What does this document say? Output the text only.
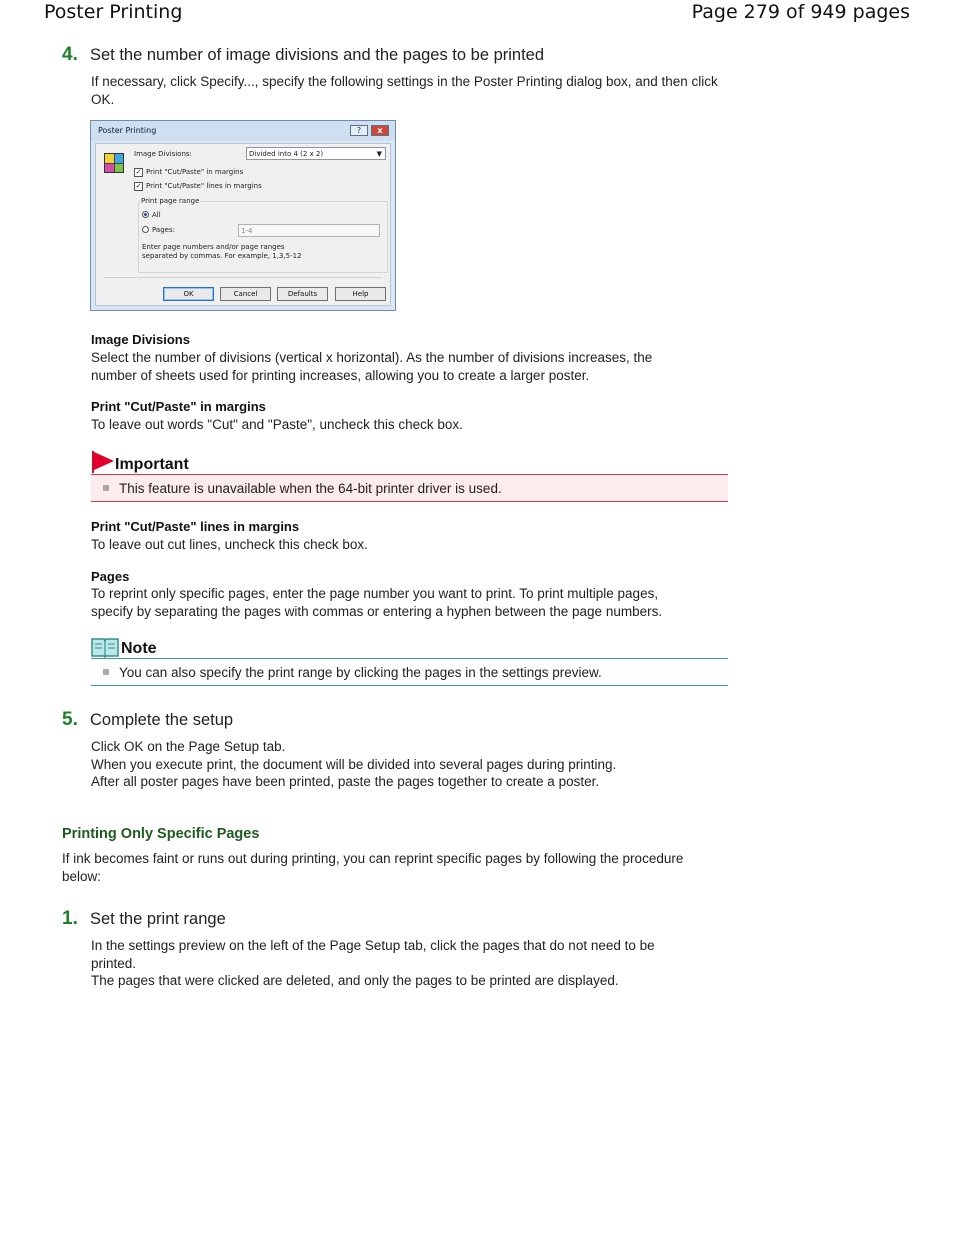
Poster Printing	Page 279 of 949 pages
4. Set the number of image divisions and the pages to be printed

If necessary, click Specify..., specify the following settings in the Poster Printing dialog box, and then click OK.

Poster Printing	?	x
Image Divisions:	Divided into 4 (2 x 2)	▼
✓ Print "Cut/Paste" in margins
✓ Print "Cut/Paste" lines in margins
Print page range
All
Pages:	1-4
Enter page numbers and/or page ranges
separated by commas. For example, 1,3,5-12
OK	Cancel	Defaults	Help
Image Divisions

Select the number of divisions (vertical x horizontal). As the number of divisions increases, the number of sheets used for printing increases, allowing you to create a larger poster.

Print "Cut/Paste" in margins

To leave out words "Cut" and "Paste", uncheck this check box.

Important
This feature is unavailable when the 64-bit printer driver is used.
Print "Cut/Paste" lines in margins

To leave out cut lines, uncheck this check box.

Pages

To reprint only specific pages, enter the page number you want to print. To print multiple pages, specify by separating the pages with commas or entering a hyphen between the page numbers.

Note
You can also specify the print range by clicking the pages in the settings preview.
5. Complete the setup

Click OK on the Page Setup tab.

When you execute print, the document will be divided into several pages during printing.

After all poster pages have been printed, paste the pages together to create a poster.

Printing Only Specific Pages
If ink becomes faint or runs out during printing, you can reprint specific pages by following the procedure below:
1. Set the print range

In the settings preview on the left of the Page Setup tab, click the pages that do not need to be printed.

The pages that were clicked are deleted, and only the pages to be printed are displayed.
